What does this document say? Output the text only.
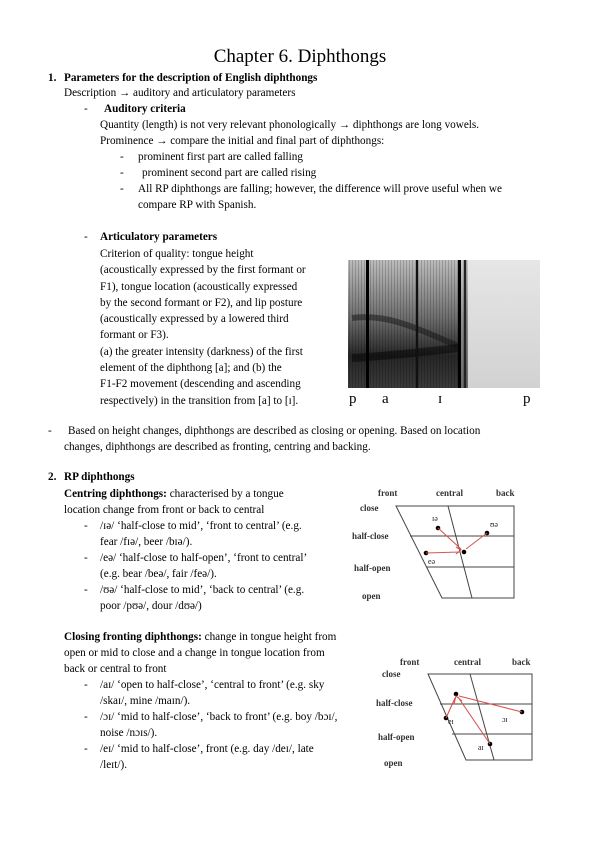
Chapter 6. Diphthongs
1. Parameters for the description of English diphthongs
Description → auditory and articulatory parameters
- Auditory criteria
Quantity (length) is not very relevant phonologically → diphthongs are long vowels.
Prominence → compare the initial and final part of diphthongs:
- prominent first part are called falling
- prominent second part are called rising
- All RP diphthongs are falling; however, the difference will prove useful when we
compare RP with Spanish.
- Articulatory parameters
Criterion of quality: tongue height
(acoustically expressed by the first formant or
F1), tongue location (acoustically expressed
by the second formant or F2), and lip posture
(acoustically expressed by a lowered third
formant or F3).
(a) the greater intensity (darkness) of the first
element of the diphthong [a]; and (b) the
F1-F2 movement (descending and ascending
respectively) in the transition from [a] to [ɪ].	p a	ɪ	p
- Based on height changes, diphthongs are described as closing or opening. Based on location
changes, diphthongs are described as fronting, centring and backing.
2. RP diphthongs
Centring diphthongs: characterised by a tongue
location change from front or back to central
- /ɪə/ ‘half-close to mid’, ‘front to central’ (e.g.
fear /fɪə/, beer /bɪə/).
- /eə/ ‘half-close to half-open’, ‘front to central’
(e.g. bear /beə/, fair /feə/).
- /ʊə/ ‘half-close to mid’, ‘back to central’ (e.g.
poor /pʊə/, dour /dʊə/)
front	central	back
close
half-close
half-open
open
ɪə
ʊə
eə
Closing fronting diphthongs: change in tongue height from
open or mid to close and a change in tongue location from
back or central to front
- /aɪ/ ‘open to half-close’, ‘central to front’ (e.g. sky
/skaɪ/, mine /maɪn/).
- /ɔɪ/ ‘mid to half-close’, ‘back to front’ (e.g. boy /bɔɪ/,
noise /nɔɪs/).
- /eɪ/ ‘mid to half-close’, front (e.g. day /deɪ/, late
/leɪt/).
front	central	back
close
half-close
half-open
open
eɪ	ɔɪ
aɪ
